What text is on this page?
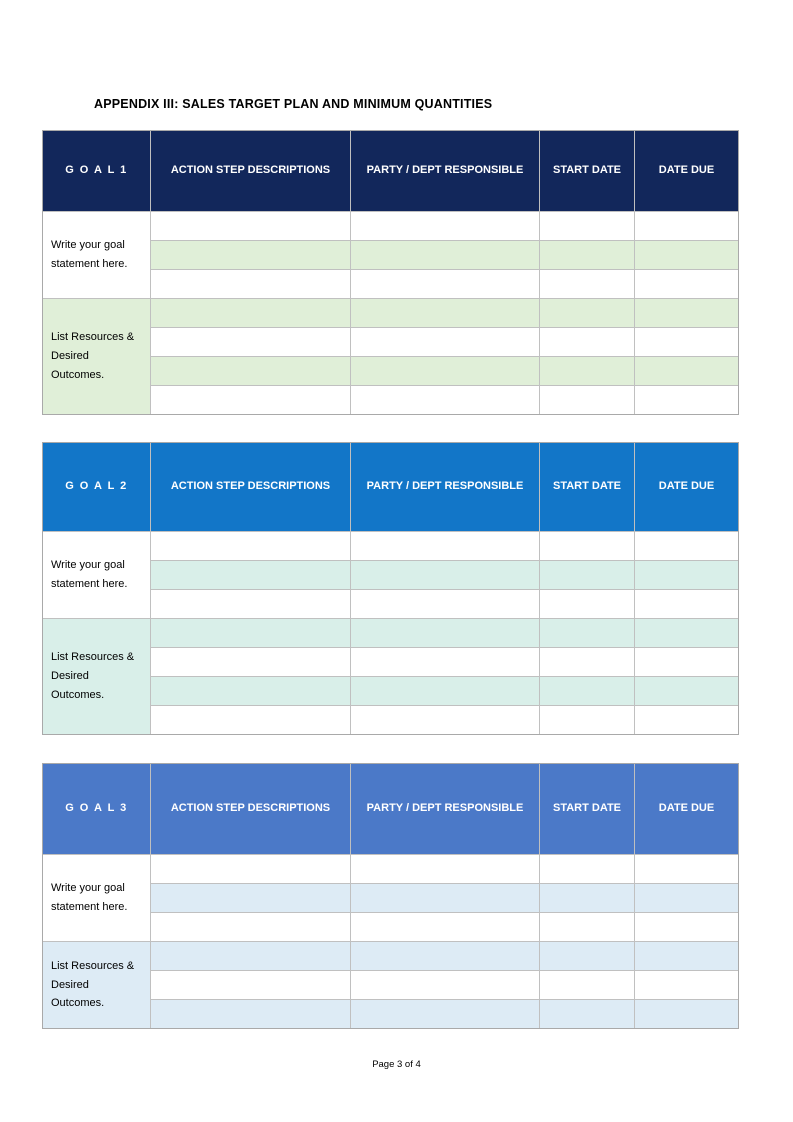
APPENDIX III: SALES TARGET PLAN AND MINIMUM QUANTITIES
G O A L 1	ACTION STEP DESCRIPTIONS	PARTY / DEPT RESPONSIBLE	START DATE	DATE DUE
Write your goal statement here.
List Resources & Desired Outcomes.
G O A L 2	ACTION STEP DESCRIPTIONS	PARTY / DEPT RESPONSIBLE	START DATE	DATE DUE
Write your goal statement here.
List Resources & Desired Outcomes.
G O A L 3	ACTION STEP DESCRIPTIONS	PARTY / DEPT RESPONSIBLE	START DATE	DATE DUE
Write your goal statement here.
List Resources & Desired Outcomes.
Page 3 of 4
